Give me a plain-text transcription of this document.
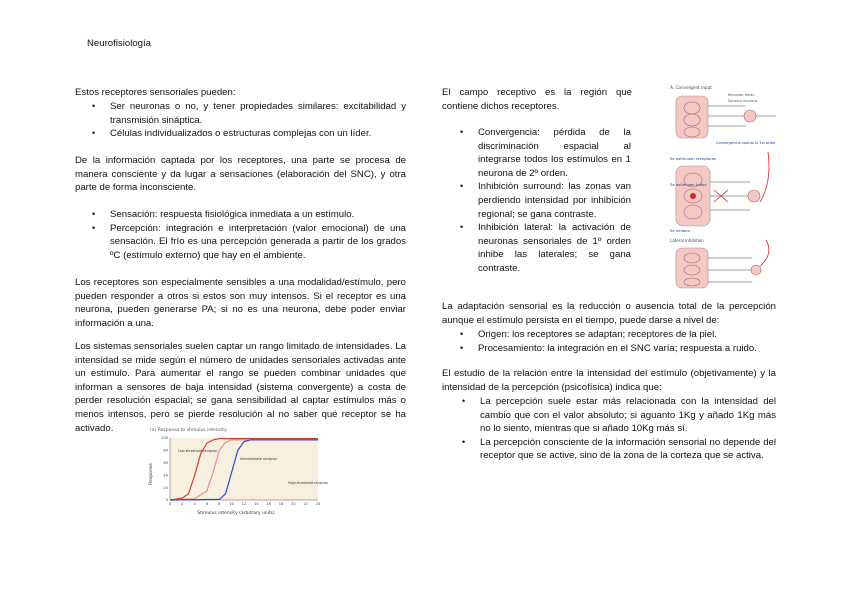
Neurofisiología
Estos receptores sensoriales pueden:
• Ser neuronas o no, y tener propiedades similares: excitabilidad y transmisión sináptica.
• Células individualizados o estructuras complejas con un líder.
De la información captada por los receptores, una parte se procesa de manera consciente y da lugar a sensaciones (elaboración del SNC), y otra parte de forma inconsciente.
• Sensación: respuesta fisiológica inmediata a un estímulo.
• Percepción: integración e interpretación (valor emocional) de una sensación. El frío es una percepción generada a partir de los grados ºC (estímulo externo) que hay en el ambiente.
Los receptores son especialmente sensibles a una modalidad/estímulo, pero pueden responder a otros si estos son muy intensos. Si el receptor es una neurona, pueden generarse PA; si no es una neurona, debe poder enviar información a una.
Los sistemas sensoriales suelen captar un rango limitado de intensidades. La intensidad se mide según el número de unidades sensoriales activadas ante un estímulo. Para aumentar el rango se pueden combinar unidades que informan a sensores de baja intensidad (sistema convergente) a costa de perder resolución espacial; se gana sensibilidad al captar estímulos más o menos intensos, pero se pierde resolución al no saber qué receptor se ha activado.	(a) Response to stimulus intensity
0	2	4	6	8 10 12 14 16 18 20 22 24
0
20
40
60
80
100
Low-threshold receptor
Intermediate receptor
High-threshold receptor
Stimulus intensity (arbitrary units)
Response
El campo receptivo es la región que contiene dichos receptores.
• Convergencia: pérdida de la discriminación espacial al integrarse todos los estímulos en 1 neurona de 2º orden.
• Inhibición surround: las zonas van perdiendo intensidad por inhibición regional; se gana contraste.
• Inhibición lateral: la activación de neuronas sensoriales de 1º orden inhibe las laterales; se gana contraste.
A. Convergent input
Receptor fields
Sensory neurons
Se estimulan receptores
Se estimulan todos
Se inhiben
Convergencia spatial in 1st order
Lateral inhibition
La adaptación sensorial es la reducción o ausencia total de la percepción aunque el estímulo persista en el tiempo, puede darse a nivel de:
• Origen: los receptores se adaptan; receptores de la piel.
• Procesamiento: la integración en el SNC varía; respuesta a ruido.
El estudio de la relación entre la intensidad del estímulo (objetivamente) y la intensidad de la percepción (psicofísica) indica que:
• La percepción suele estar más relacionada con la intensidad del cambio que con el valor absoluto; si aguanto 1Kg y añado 1Kg más no lo siento, mientras que si añado 10Kg más sí.
• La percepción consciente de la información sensorial no depende del receptor que se active, sino de la zona de la corteza que se activa.
